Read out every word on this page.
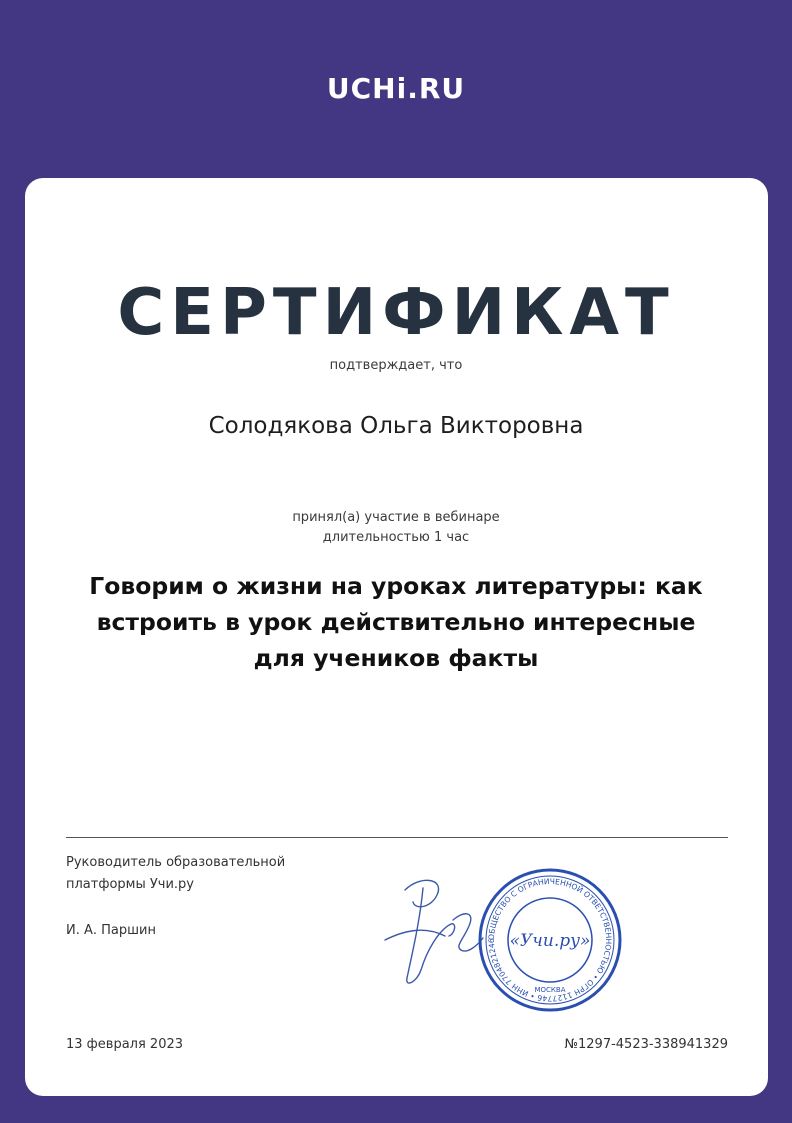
UCHi.RU
СЕРТИФИКАТ
подтверждает, что
Солодякова Ольга Викторовна
принял(а) участие в вебинаре
длительностью 1 час
Говорим о жизни на уроках литературы: как
встроить в урок действительно интересные
для учеников факты
Руководитель образовательной
платформы Учи.ру
И. А. Паршин	ОБЩЕСТВО С ОГРАНИЧЕННОЙ ОТВЕТСТВЕННОСТЬЮ • ОГРН 1127746 • ИНН 7704821246 «Учи.ру»
МОСКВА
13 февраля 2023	№1297-4523-338941329
